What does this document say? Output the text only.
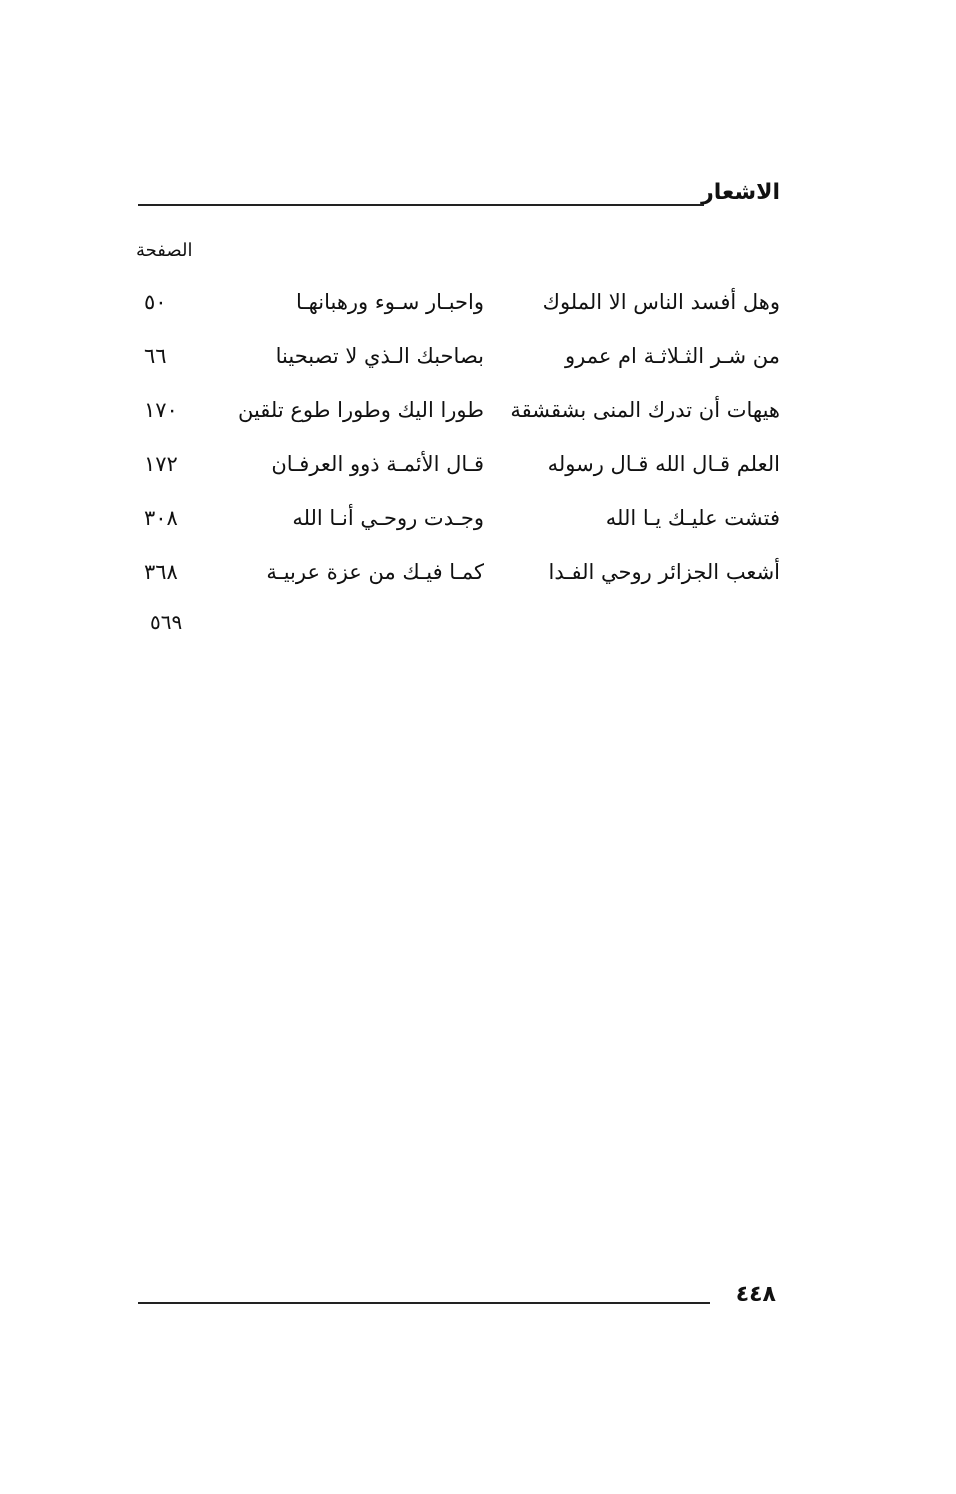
الاشعار
الصفحة
وهل أفسد الناس الا الملوك
واحبـار سـوء ورهبانهـا
٥٠
من شـر الثـلاثـة ام عمرو
بصاحبك الـذي لا تصبحينا
٦٦
هيهات أن تدرك المنى بشقشقة
طورا اليك وطورا طوع تلقين
١٧٠
العلم قـال الله قـال رسوله
قـال الأئمـة ذوو العرفـان
١٧٢
فتشت عليـك يـا الله
وجـدت روحـي أنـا الله
٣٠٨
أشعب الجزائر روحي الفـدا
كمـا فيـك من عزة عربيـة
٣٦٨
٥٦٩
٤٤٨
